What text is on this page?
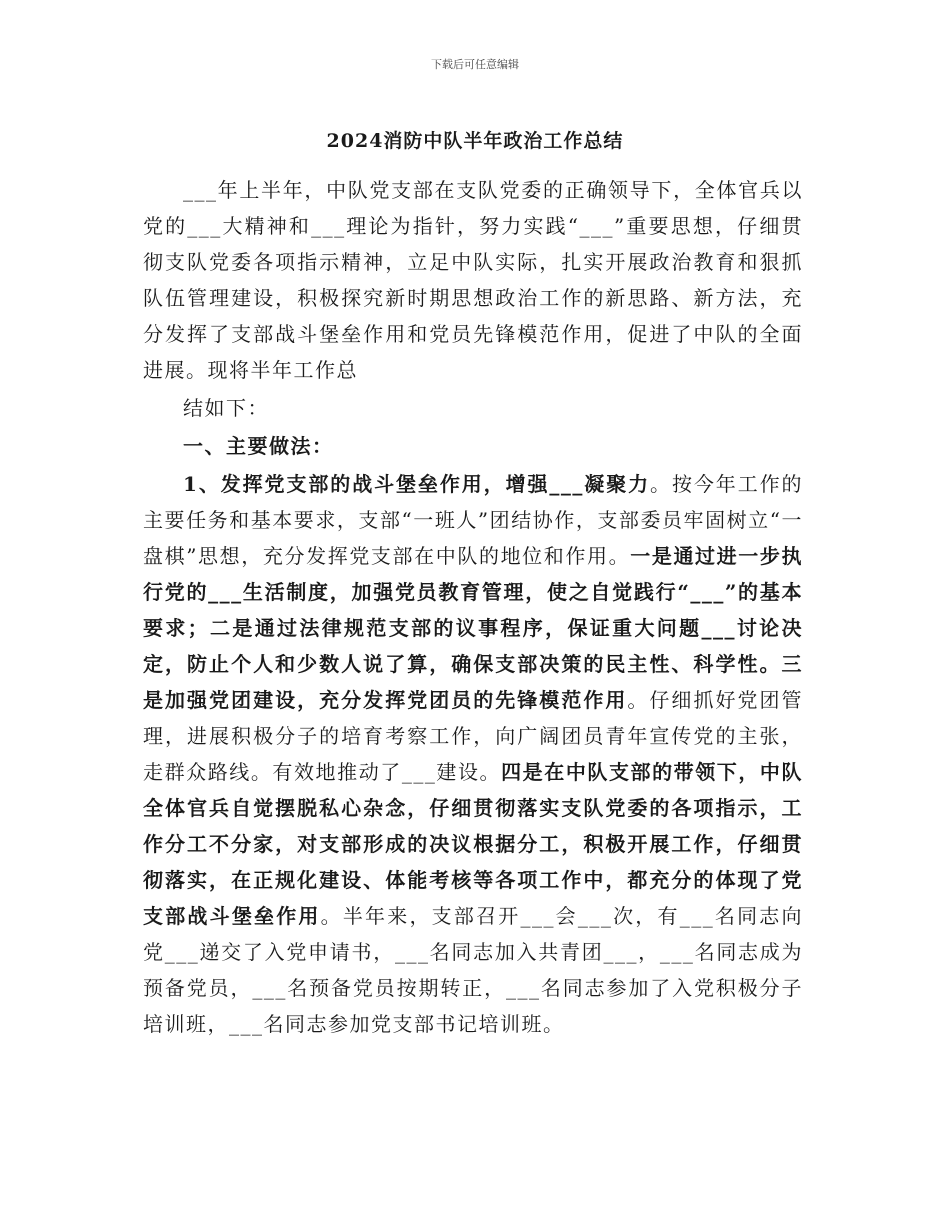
下载后可任意编辑
2024消防中队半年政治工作总结

___年上半年，中队党支部在支队党委的正确领导下，全体官兵以党的___大精神和___理论为指针，努力实践“___”重要思想，仔细贯彻支队党委各项指示精神，立足中队实际，扎实开展政治教育和狠抓队伍管理建设，积极探究新时期思想政治工作的新思路、新方法，充分发挥了支部战斗堡垒作用和党员先锋模范作用，促进了中队的全面进展。现将半年工作总

结如下：

一、主要做法：

1、发挥党支部的战斗堡垒作用，增强___凝聚力。按今年工作的主要任务和基本要求，支部“一班人”团结协作，支部委员牢固树立“一盘棋”思想，充分发挥党支部在中队的地位和作用。一是通过进一步执行党的___生活制度，加强党员教育管理，使之自觉践行“___”的基本要求；二是通过法律规范支部的议事程序，保证重大问题___讨论决定，防止个人和少数人说了算，确保支部决策的民主性、科学性。三是加强党团建设，充分发挥党团员的先锋模范作用。仔细抓好党团管理，进展积极分子的培育考察工作，向广阔团员青年宣传党的主张，走群众路线。有效地推动了___建设。四是在中队支部的带领下，中队全体官兵自觉摆脱私心杂念，仔细贯彻落实支队党委的各项指示，工作分工不分家，对支部形成的决议根据分工，积极开展工作，仔细贯彻落实，在正规化建设、体能考核等各项工作中，都充分的体现了党支部战斗堡垒作用。半年来，支部召开___会___次，有___名同志向党___递交了入党申请书，___名同志加入共青团___，___名同志成为预备党员，___名预备党员按期转正，___名同志参加了入党积极分子培训班，___名同志参加党支部书记培训班。
